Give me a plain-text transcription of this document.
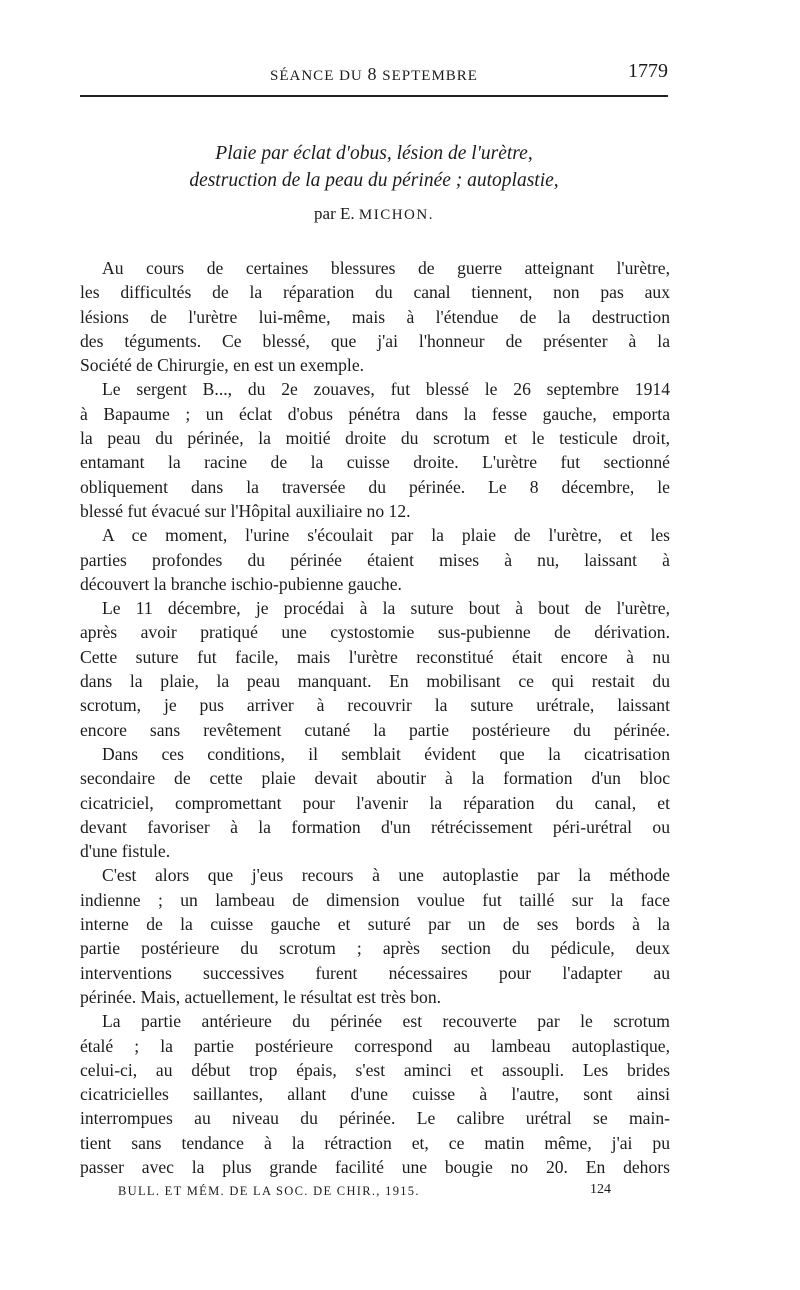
SÉANCE DU 8 SEPTEMBRE	1779
Plaie par éclat d'obus, lésion de l'urètre,
destruction de la peau du périnée ; autoplastie,
par E. MICHON.
Au cours de certaines blessures de guerre atteignant l'urètre,
les difficultés de la réparation du canal tiennent, non pas aux
lésions de l'urètre lui-même, mais à l'étendue de la destruction
des téguments. Ce blessé, que j'ai l'honneur de présenter à la
Société de Chirurgie, en est un exemple.
Le sergent B..., du 2e zouaves, fut blessé le 26 septembre 1914
à Bapaume ; un éclat d'obus pénétra dans la fesse gauche, emporta
la peau du périnée, la moitié droite du scrotum et le testicule droit,
entamant la racine de la cuisse droite. L'urètre fut sectionné
obliquement dans la traversée du périnée. Le 8 décembre, le
blessé fut évacué sur l'Hôpital auxiliaire no 12.
A ce moment, l'urine s'écoulait par la plaie de l'urètre, et les
parties profondes du périnée étaient mises à nu, laissant à
découvert la branche ischio-pubienne gauche.
Le 11 décembre, je procédai à la suture bout à bout de l'urètre,
après avoir pratiqué une cystostomie sus-pubienne de dérivation.
Cette suture fut facile, mais l'urètre reconstitué était encore à nu
dans la plaie, la peau manquant. En mobilisant ce qui restait du
scrotum, je pus arriver à recouvrir la suture urétrale, laissant
encore sans revêtement cutané la partie postérieure du périnée.
Dans ces conditions, il semblait évident que la cicatrisation
secondaire de cette plaie devait aboutir à la formation d'un bloc
cicatriciel, compromettant pour l'avenir la réparation du canal, et
devant favoriser à la formation d'un rétrécissement péri-urétral ou
d'une fistule.
C'est alors que j'eus recours à une autoplastie par la méthode
indienne ; un lambeau de dimension voulue fut taillé sur la face
interne de la cuisse gauche et suturé par un de ses bords à la
partie postérieure du scrotum ; après section du pédicule, deux
interventions successives furent nécessaires pour l'adapter au
périnée. Mais, actuellement, le résultat est très bon.
La partie antérieure du périnée est recouverte par le scrotum
étalé ; la partie postérieure correspond au lambeau autoplastique,
celui-ci, au début trop épais, s'est aminci et assoupli. Les brides
cicatricielles saillantes, allant d'une cuisse à l'autre, sont ainsi
interrompues au niveau du périnée. Le calibre urétral se main-
tient sans tendance à la rétraction et, ce matin même, j'ai pu
passer avec la plus grande facilité une bougie no 20. En dehors
BULL. ET MÉM. DE LA SOC. DE CHIR., 1915.	124
